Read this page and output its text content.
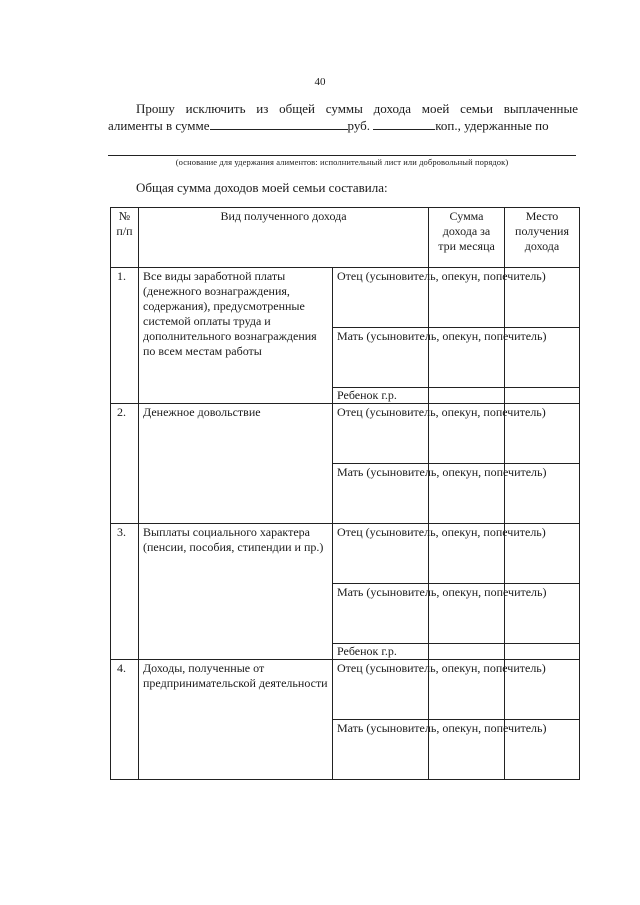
40
Прошу исключить из общей суммы дохода моей семьи выплаченные
алименты в сумме	руб.	коп., удержанные по
(основание для удержания алиментов: исполнительный лист или добровольный порядок)
Общая сумма доходов моей семьи составила:
№ п/п	Вид полученного дохода		Сумма дохода за три месяца	Место получения дохода
1.	Все виды заработной платы (денежного вознаграждения, содержания), предусмотренные системой оплаты труда и дополнительного вознаграждения по всем местам работы	Отец (усыновитель, опекун, попечитель)		
		Мать (усыновитель, опекун, попечитель)		
		Ребенок г.р.		
2.	Денежное довольствие	Отец (усыновитель, опекун, попечитель)		
		Мать (усыновитель, опекун, попечитель)		
3.	Выплаты социального характера (пенсии, пособия, стипендии и пр.)	Отец (усыновитель, опекун, попечитель)		
		Мать (усыновитель, опекун, попечитель)		
		Ребенок г.р.		
4.	Доходы, полученные от предпринимательской деятельности	Отец (усыновитель, опекун, попечитель)		
		Мать (усыновитель, опекун, попечитель)		
